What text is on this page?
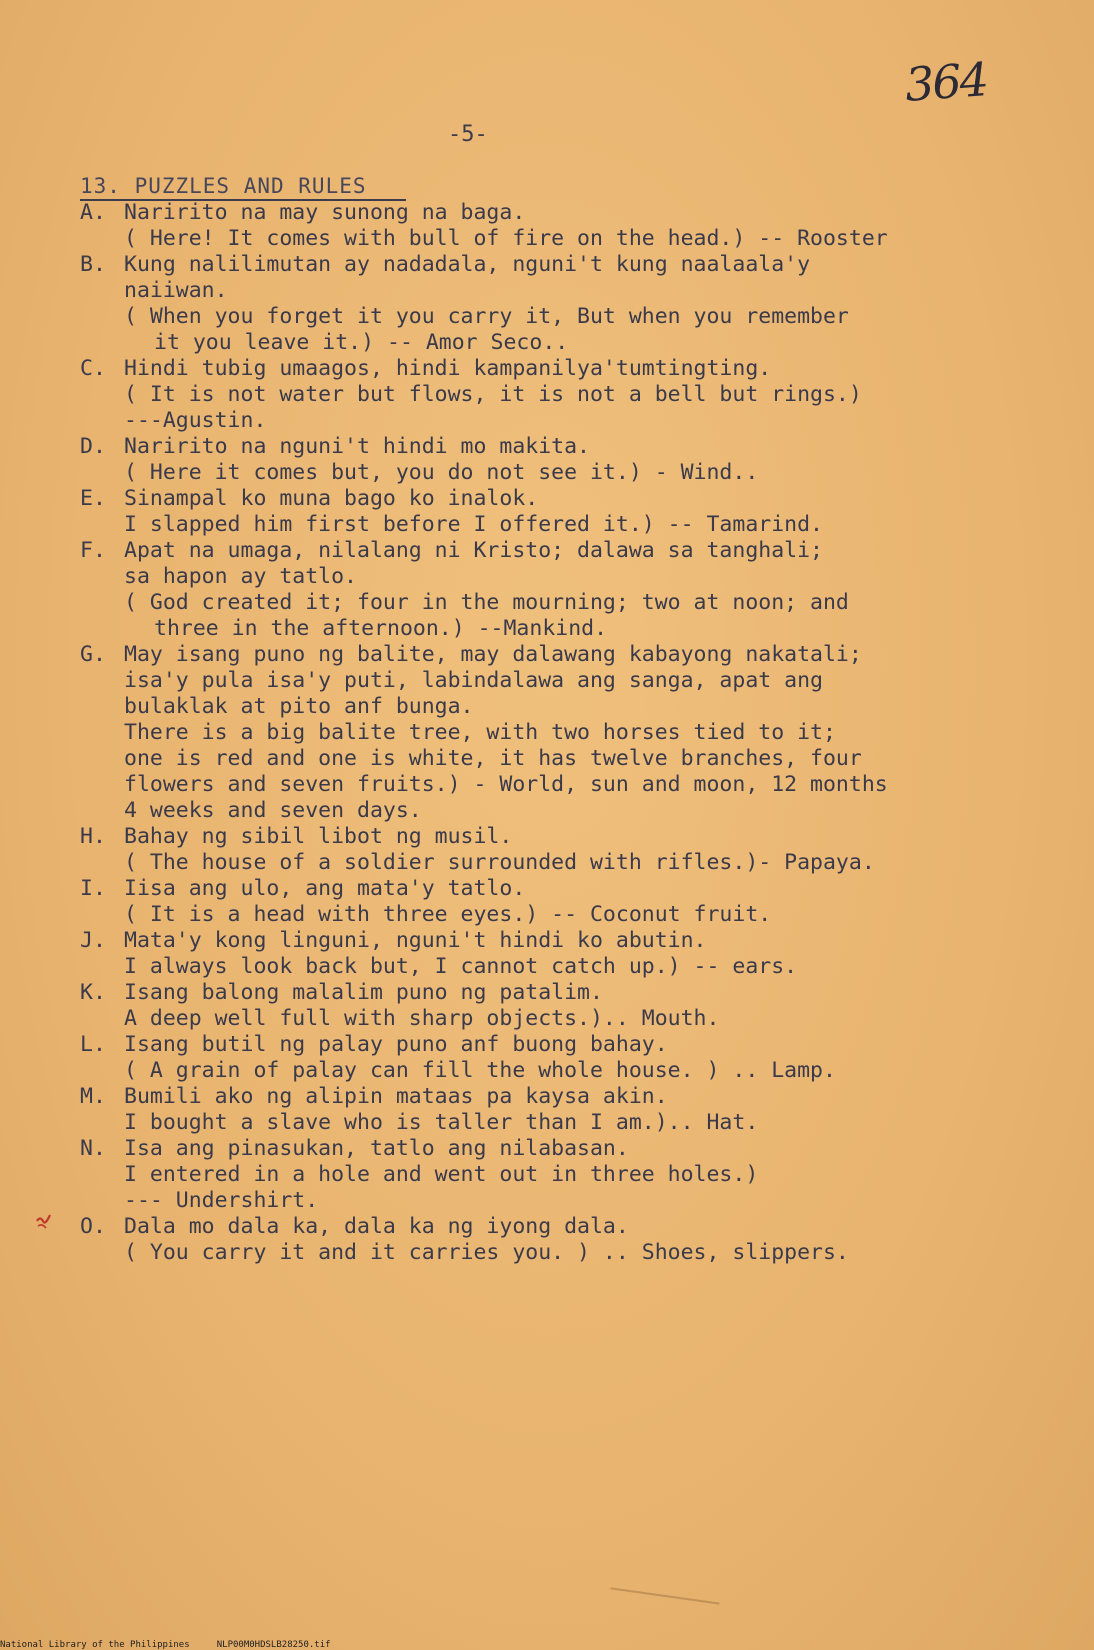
364
-5-
13. PUZZLES AND RULES
A. Naririto na may sunong na baga.
( Here! It comes with bull of fire on the head.) -- Rooster
B. Kung nalilimutan ay nadadala, nguni't kung naalaala'y
naiiwan.
( When you forget it you carry it, But when you remember
it you leave it.) -- Amor Seco..
C. Hindi tubig umaagos, hindi kampanilya'tumtingting.
( It is not water but flows, it is not a bell but rings.)
---Agustin.
D. Naririto na nguni't hindi mo makita.
( Here it comes but, you do not see it.) - Wind..
E. Sinampal ko muna bago ko inalok.
I slapped him first before I offered it.) -- Tamarind.
F. Apat na umaga, nilalang ni Kristo; dalawa sa tanghali;
sa hapon ay tatlo.
( God created it; four in the mourning; two at noon; and
three in the afternoon.) --Mankind.
G. May isang puno ng balite, may dalawang kabayong nakatali;
isa'y pula isa'y puti, labindalawa ang sanga, apat ang
bulaklak at pito anf bunga.
There is a big balite tree, with two horses tied to it;
one is red and one is white, it has twelve branches, four
flowers and seven fruits.) - World, sun and moon, 12 months
4 weeks and seven days.
H. Bahay ng sibil libot ng musil.
( The house of a soldier surrounded with rifles.)- Papaya.
I. Iisa ang ulo, ang mata'y tatlo.
( It is a head with three eyes.) -- Coconut fruit.
J. Mata'y kong linguni, nguni't hindi ko abutin.
I always look back but, I cannot catch up.) -- ears.
K. Isang balong malalim puno ng patalim.
A deep well full with sharp objects.).. Mouth.
L. Isang butil ng palay puno anf buong bahay.
( A grain of palay can fill the whole house. ) .. Lamp.
M. Bumili ako ng alipin mataas pa kaysa akin.
I bought a slave who is taller than I am.).. Hat.
N. Isa ang pinasukan, tatlo ang nilabasan.
I entered in a hole and went out in three holes.)
--- Undershirt.
O. Dala mo dala ka, dala ka ng iyong dala.
( You carry it and it carries you. ) .. Shoes, slippers.
National Library of the Philippines	NLP00M0HDSLB28250.tif
